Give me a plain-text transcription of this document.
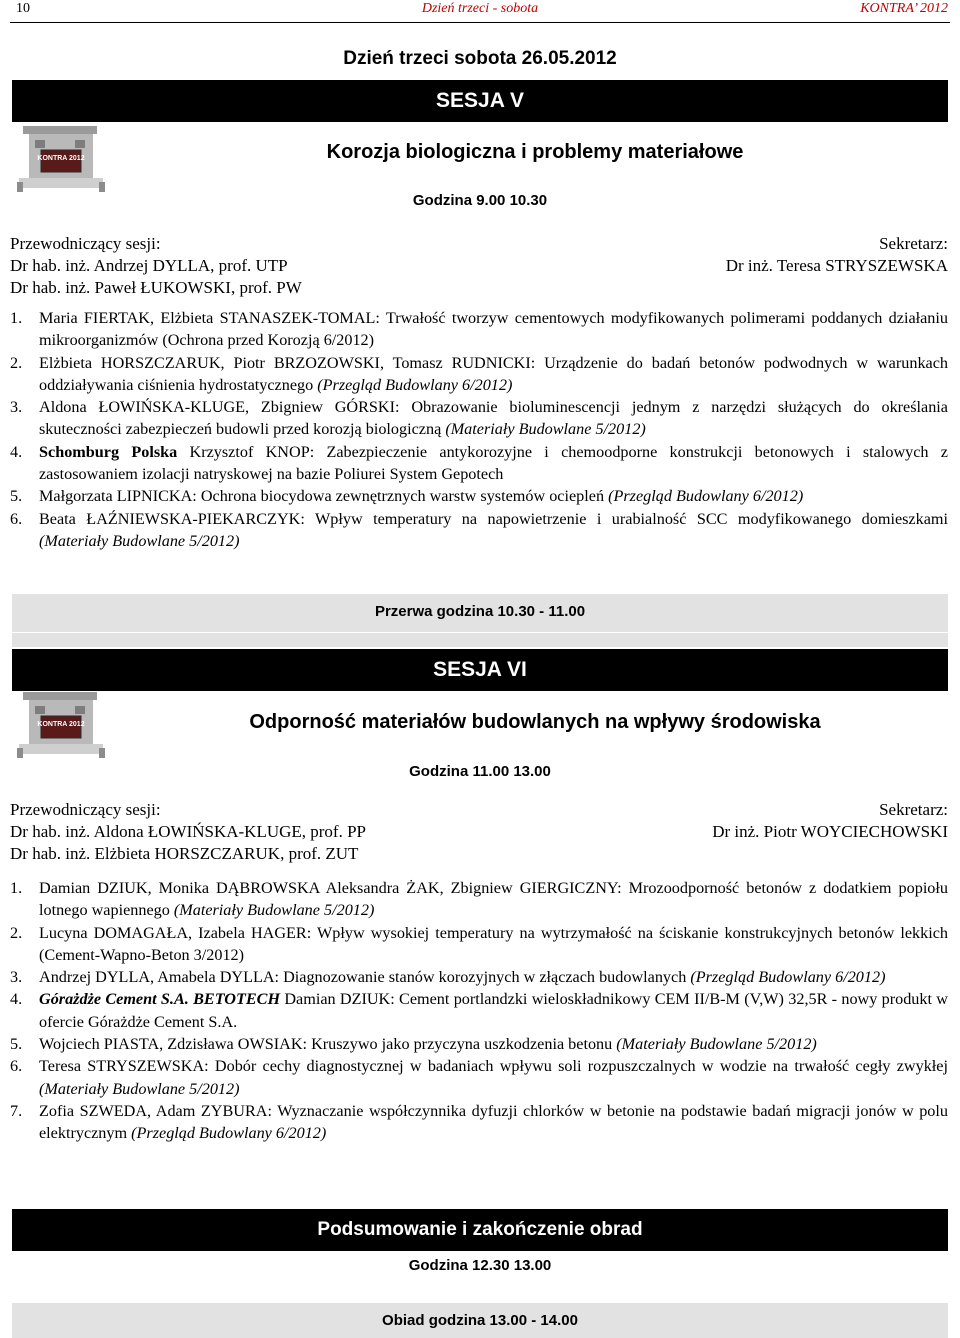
10	Dzień trzeci - sobota	KONTRA’ 2012
Dzień trzeci sobota 26.05.2012
SESJA V
KONTRA 2012	Korozja biologiczna i problemy materiałowe
Godzina 9.00 10.30
Przewodniczący sesji:
Dr hab. inż. Andrzej DYLLA, prof. UTP
Dr hab. inż. Paweł ŁUKOWSKI, prof. PW
Sekretarz:
Dr inż. Teresa STRYSZEWSKA
1. Maria FIERTAK, Elżbieta STANASZEK-TOMAL: Trwałość tworzyw cementowych modyfikowanych polimerami poddanych działaniu mikroorganizmów (Ochrona przed Korozją 6/2012)
2. Elżbieta HORSZCZARUK, Piotr BRZOZOWSKI, Tomasz RUDNICKI: Urządzenie do badań betonów podwodnych w warunkach oddziaływania ciśnienia hydrostatycznego (Przegląd Budowlany 6/2012)
3. Aldona ŁOWIŃSKA-KLUGE, Zbigniew GÓRSKI: Obrazowanie bioluminescencji jednym z narzędzi służących do określania skuteczności zabezpieczeń budowli przed korozją biologiczną (Materiały Budowlane 5/2012)
4. Schomburg Polska Krzysztof KNOP: Zabezpieczenie antykorozyjne i chemoodporne konstrukcji betonowych i stalowych z zastosowaniem izolacji natryskowej na bazie Poliurei System Gepotech
5. Małgorzata LIPNICKA: Ochrona biocydowa zewnętrznych warstw systemów ociepleń (Przegląd Budowlany 6/2012)
6. Beata ŁAŹNIEWSKA-PIEKARCZYK: Wpływ temperatury na napowietrzenie i urabialność SCC modyfikowanego domieszkami (Materiały Budowlane 5/2012)
Przerwa godzina 10.30 - 11.00
SESJA VI
KONTRA 2012	Odporność materiałów budowlanych na wpływy środowiska
Godzina 11.00 13.00
Przewodniczący sesji:
Dr hab. inż. Aldona ŁOWIŃSKA-KLUGE, prof. PP
Dr hab. inż. Elżbieta HORSZCZARUK, prof. ZUT
Sekretarz:
Dr inż. Piotr WOYCIECHOWSKI
1. Damian DZIUK, Monika DĄBROWSKA Aleksandra ŻAK, Zbigniew GIERGICZNY: Mrozoodporność betonów z dodatkiem popiołu lotnego wapiennego (Materiały Budowlane 5/2012)
2. Lucyna DOMAGAŁA, Izabela HAGER: Wpływ wysokiej temperatury na wytrzymałość na ściskanie konstrukcyjnych betonów lekkich (Cement-Wapno-Beton 3/2012)
3. Andrzej DYLLA, Amabela DYLLA: Diagnozowanie stanów korozyjnych w złączach budowlanych (Przegląd Budowlany 6/2012)
4. Górażdże Cement S.A. BETOTECH Damian DZIUK: Cement portlandzki wieloskładnikowy CEM II/B-M (V,W) 32,5R - nowy produkt w ofercie Górażdże Cement S.A.
5. Wojciech PIASTA, Zdzisława OWSIAK: Kruszywo jako przyczyna uszkodzenia betonu (Materiały Budowlane 5/2012)
6. Teresa STRYSZEWSKA: Dobór cechy diagnostycznej w badaniach wpływu soli rozpuszczalnych w wodzie na trwałość cegły zwykłej (Materiały Budowlane 5/2012)
7. Zofia SZWEDA, Adam ZYBURA: Wyznaczanie współczynnika dyfuzji chlorków w betonie na podstawie badań migracji jonów w polu elektrycznym (Przegląd Budowlany 6/2012)
Podsumowanie i zakończenie obrad
Godzina 12.30 13.00
Obiad godzina 13.00 - 14.00
